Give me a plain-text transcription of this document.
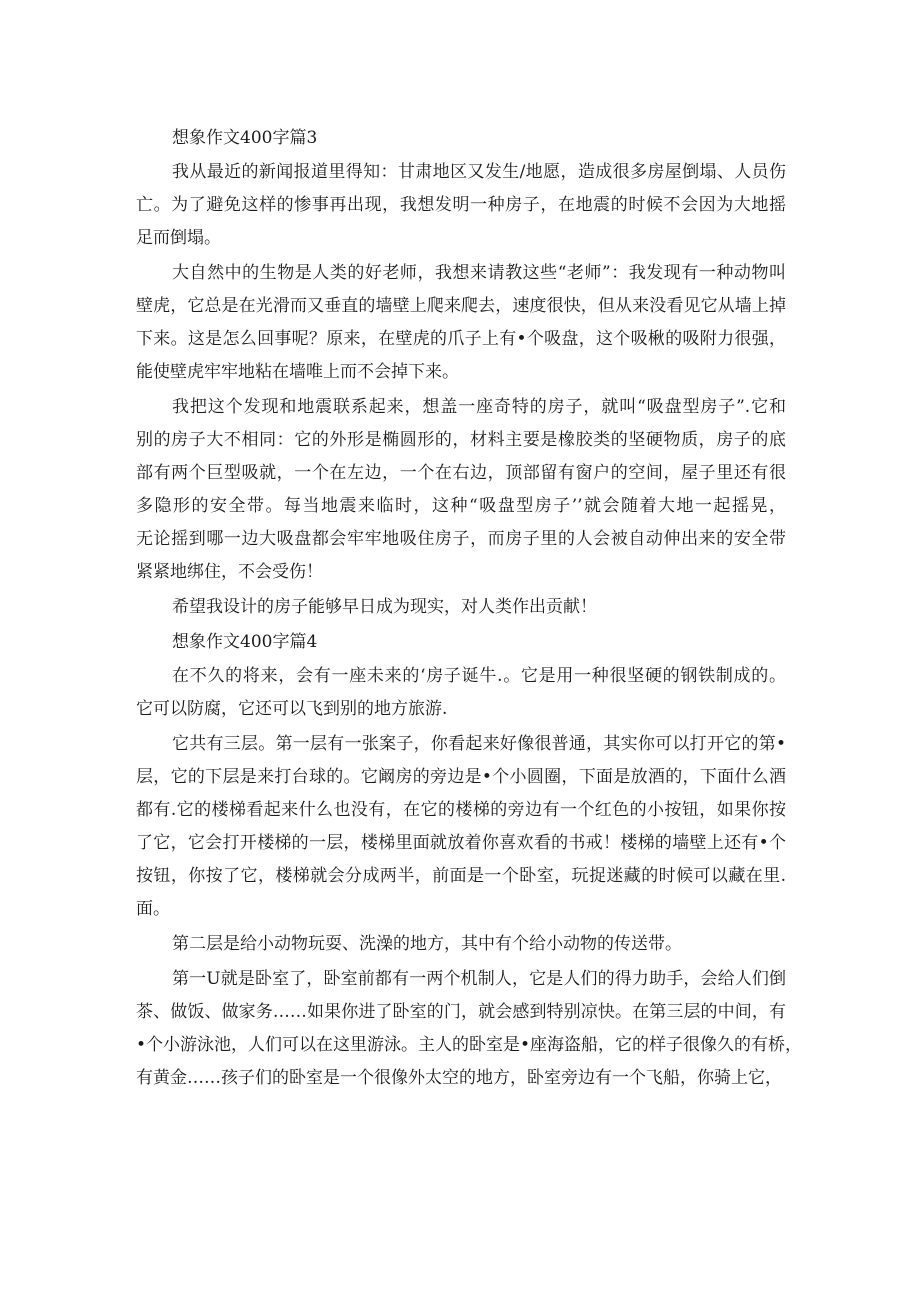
想象作文400字篇3
我从最近的新闻报道里得知：甘肃地区又发生/地愿，造成很多房屋倒塌、人员伤
亡。为了避免这样的惨事再出现，我想发明一种房子，在地震的时候不会因为大地摇
足而倒塌。
大自然中的生物是人类的好老师，我想来请教这些“老师”：我发现有一种动物叫
壁虎，它总是在光滑而又垂直的墙壁上爬来爬去，速度很快，但从来没看见它从墙上掉
下来。这是怎么回事呢？原来，在壁虎的爪子上有•个吸盘，这个吸楸的吸附力很强，
能使壁虎牢牢地粘在墙唯上而不会掉下来。
我把这个发现和地震联系起来，想盖一座奇特的房子，就叫“吸盘型房子”.它和
别的房子大不相同：它的外形是椭圆形的，材料主要是橡胶类的坚硬物质，房子的底
部有两个巨型吸就，一个在左边，一个在右边，顶部留有窗户的空间，屋子里还有很
多隐形的安全带。每当地震来临时，这种“吸盘型房子’’就会随着大地一起摇晃，
无论摇到哪一边大吸盘都会牢牢地吸住房子，而房子里的人会被自动伸出来的安全带
紧紧地绑住，不会受伤！
希望我设计的房子能够早日成为现实，对人类作出贡献！
想象作文400字篇4
在不久的将来，会有一座未来的‘房子诞牛.。它是用一种很坚硬的钢铁制成的。
它可以防腐，它还可以飞到别的地方旅游.
它共有三层。第一层有一张案子，你看起来好像很普通，其实你可以打开它的第•
层，它的下层是来打台球的。它阚房的旁边是•个小圆圈，下面是放酒的，下面什么酒
都有.它的楼梯看起来什么也没有，在它的楼梯的旁边有一个红色的小按钮，如果你按
了它，它会打开楼梯的一层，楼梯里面就放着你喜欢看的书戒！楼梯的墙壁上还有•个
按钮，你按了它，楼梯就会分成两半，前面是一个卧室，玩捉迷藏的时候可以藏在里.
面。
第二层是给小动物玩耍、洗澡的地方，其中有个给小动物的传送带。
第一U就是卧室了，卧室前都有一两个机制人，它是人们的得力助手，会给人们倒
茶、做饭、做家务……如果你进了卧室的门，就会感到特别凉快。在第三层的中间，有
•个小游泳池，人们可以在这里游泳。主人的卧室是•座海盗船，它的样子很像久的有桥，
有黄金……孩子们的卧室是一个很像外太空的地方，卧室旁边有一个飞船，你骑上它，
